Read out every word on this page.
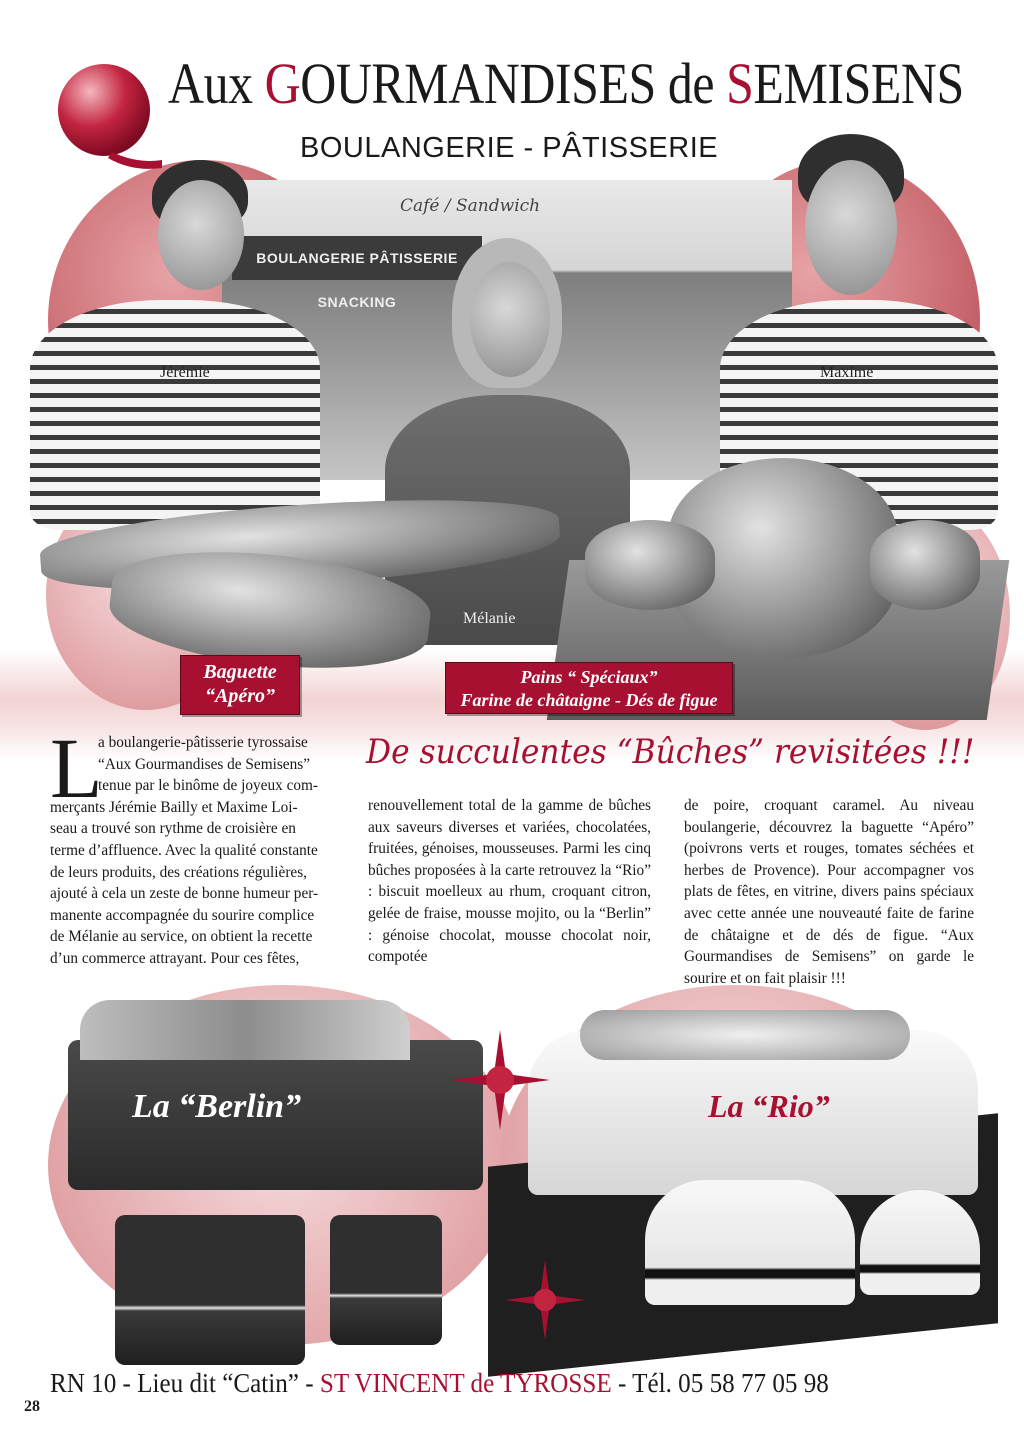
Aux GOURMANDISES de SEMISENS
BOULANGERIE - PÂTISSERIE
BOULANGERIE PÂTISSERIE SNACKING
Café / Sandwich
Jérémie	Maxime
Mélanie
Baguette
“Apéro”
Pains “ Spéciaux”
Farine de châtaigne - Dés de figue
L
a boulangerie-pâtisserie tyrossaise
“Aux Gourmandises de Semisens”
tenue par le binôme de joyeux com-
merçants Jérémie Bailly et Maxime Loi-
seau a trouvé son rythme de croisière en
terme d’affluence. Avec la qualité constante
de leurs produits, des créations régulières,
ajouté à cela un zeste de bonne humeur per-
manente accompagnée du sourire complice
de Mélanie au service, on obtient la recette
d’un commerce attrayant. Pour ces fêtes,
De succulentes “Bûches” revisitées !!!
renouvellement total de la gamme de bûches aux saveurs diverses et variées, chocolatées, fruitées, génoises, mousseuses. Parmi les cinq bûches proposées à la carte retrouvez la “Rio” : biscuit moelleux au rhum, croquant citron, gelée de fraise, mousse mojito, ou la “Berlin” : génoise chocolat, mousse chocolat noir, compotée
de poire, croquant caramel. Au niveau boulangerie, découvrez la baguette “Apéro” (poivrons verts et rouges, tomates séchées et herbes de Provence). Pour accompagner vos plats de fêtes, en vitrine, divers pains spéciaux avec cette année une nouveauté faite de farine de châtaigne et de dés de figue. “Aux Gourmandises de Semisens” on garde le sourire et on fait plaisir !!!
La “Berlin”	La “Rio”
RN 10 - Lieu dit “Catin” - ST VINCENT de TYROSSE - Tél. 05 58 77 05 98
28
